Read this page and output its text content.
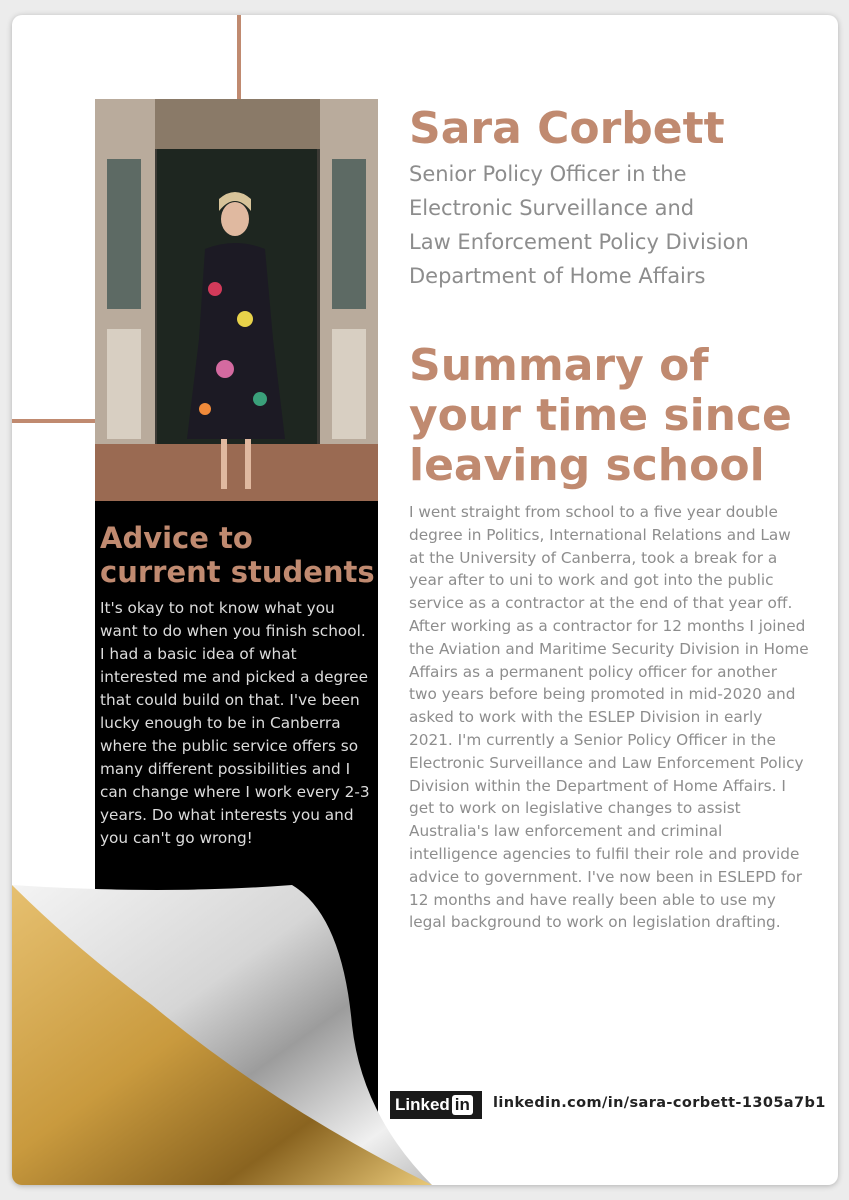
Advice to current students

It's okay to not know what you want to do when you finish school. I had a basic idea of what interested me and picked a degree that could build on that. I've been lucky enough to be in Canberra where the public service offers so many different possibilities and I can change where I work every 2-3 years. Do what interests you and you can't go wrong!

Sara Corbett
Senior Policy Officer in the
Electronic Surveillance and
Law Enforcement Policy Division
Department of Home Affairs
Summary of your time since leaving school

I went straight from school to a five year double degree in Politics, International Relations and Law at the University of Canberra, took a break for a year after to uni to work and got into the public service as a contractor at the end of that year off. After working as a contractor for 12 months I joined the Aviation and Maritime Security Division in Home Affairs as a permanent policy officer for another two years before being promoted in mid-2020 and asked to work with the ESLEP Division in early 2021. I'm currently a Senior Policy Officer in the Electronic Surveillance and Law Enforcement Policy Division within the Department of Home Affairs. I get to work on legislative changes to assist Australia's law enforcement and criminal intelligence agencies to fulfil their role and provide advice to government. I've now been in ESLEPD for 12 months and have really been able to use my legal background to work on legislation drafting.

Linked in linkedin.com/in/sara-corbett-1305a7b1
